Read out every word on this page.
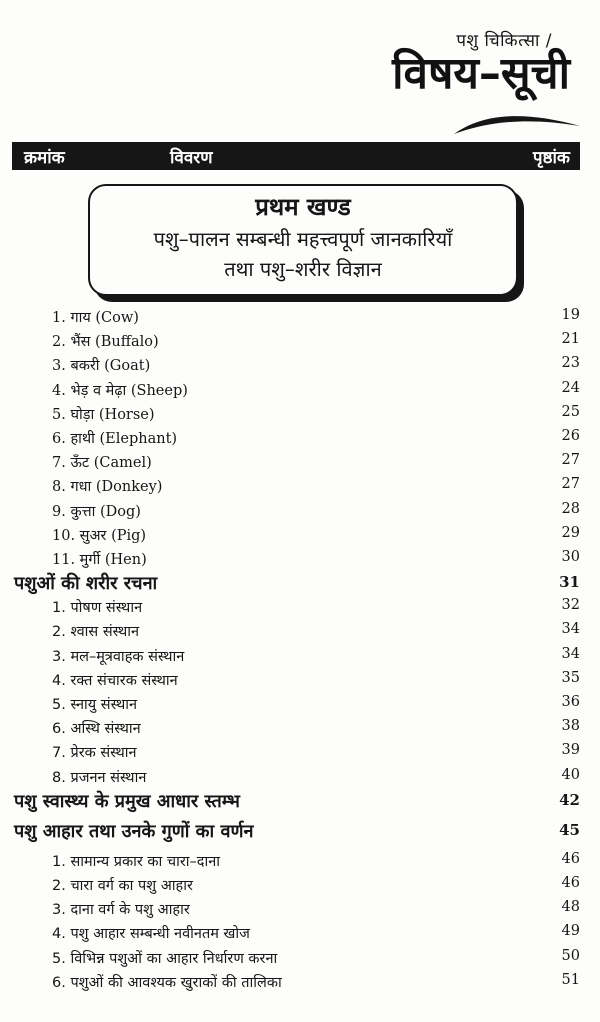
पशु चिकित्सा /
विषय–सूची
क्रमांक	विवरण	पृष्ठांक
प्रथम खण्ड
पशु–पालन सम्बन्धी महत्त्वपूर्ण जानकारियाँ
तथा पशु–शरीर विज्ञान
1. गाय (Cow)	19
2. भैंस (Buffalo)	21
3. बकरी (Goat)	23
4. भेड़ व मेढ़ा (Sheep)	24
5. घोड़ा (Horse)	25
6. हाथी (Elephant)	26
7. ऊँट (Camel)	27
8. गधा (Donkey)	27
9. कुत्ता (Dog)	28
10. सुअर (Pig)	29
11. मुर्गी (Hen)	30
पशुओं की शरीर रचना	31
1. पोषण संस्थान	32
2. श्वास संस्थान	34
3. मल–मूत्रवाहक संस्थान	34
4. रक्त संचारक संस्थान	35
5. स्नायु संस्थान	36
6. अस्थि संस्थान	38
7. प्रेरक संस्थान	39
8. प्रजनन संस्थान	40
पशु स्वास्थ्य के प्रमुख आधार स्तम्भ	42
पशु आहार तथा उनके गुणों का वर्णन	45
1. सामान्य प्रकार का चारा–दाना	46
2. चारा वर्ग का पशु आहार	46
3. दाना वर्ग के पशु आहार	48
4. पशु आहार सम्बन्धी नवीनतम खोज	49
5. विभिन्न पशुओं का आहार निर्धारण करना	50
6. पशुओं की आवश्यक खुराकों की तालिका	51
